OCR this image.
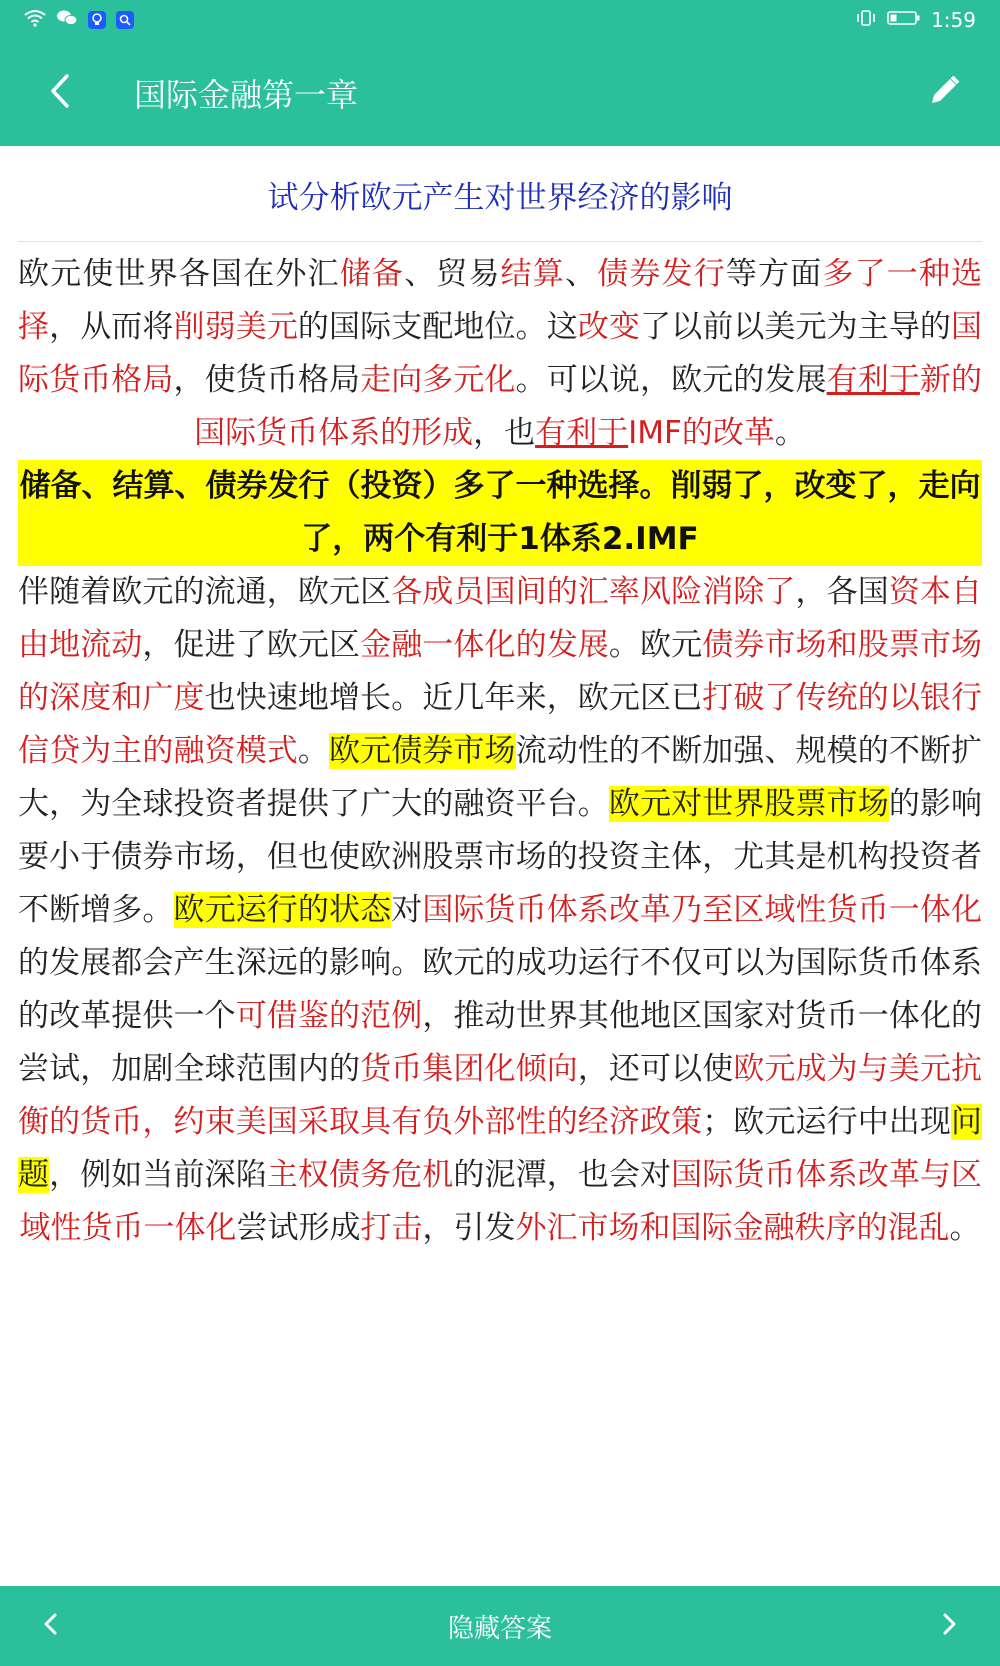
1:59
国际金融第一章
试分析欧元产生对世界经济的影响

欧元使世界各国在外汇储备、贸易结算、债券发行等方面多了一种选择，从而将削弱美元的国际支配地位。这改变了以前以美元为主导的国际货币格局，使货币格局走向多元化。可以说，欧元的发展有利于新的国际货币体系的形成，也有利于IMF的改革。

储备、结算、债券发行（投资）多了一种选择。削弱了，改变了，走向了，两个有利于1体系2.IMF

伴随着欧元的流通，欧元区各成员国间的汇率风险消除了，各国资本自由地流动，促进了欧元区金融一体化的发展。欧元债券市场和股票市场的深度和广度也快速地增长。近几年来，欧元区已打破了传统的以银行信贷为主的融资模式。欧元债券市场流动性的不断加强、规模的不断扩大，为全球投资者提供了广大的融资平台。欧元对世界股票市场的影响要小于债券市场，但也使欧洲股票市场的投资主体，尤其是机构投资者不断增多。欧元运行的状态对国际货币体系改革乃至区域性货币一体化的发展都会产生深远的影响。欧元的成功运行不仅可以为国际货币体系的改革提供一个可借鉴的范例，推动世界其他地区国家对货币一体化的尝试，加剧全球范围内的货币集团化倾向，还可以使欧元成为与美元抗衡的货币，约束美国采取具有负外部性的经济政策；欧元运行中出现问题，例如当前深陷主权债务危机的泥潭，也会对国际货币体系改革与区域性货币一体化尝试形成打击，引发外汇市场和国际金融秩序的混乱。

隐藏答案
